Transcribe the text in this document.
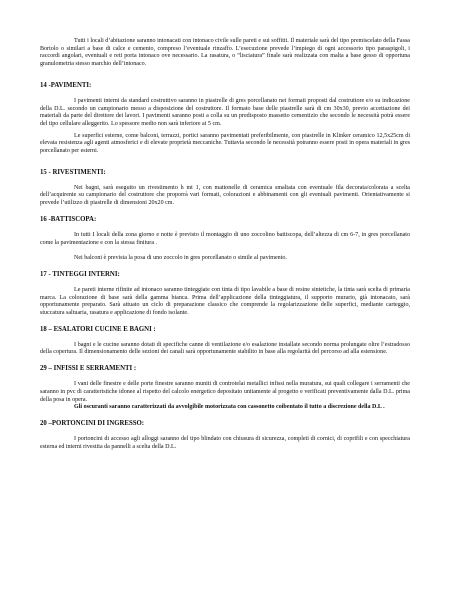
Tutti i locali d’abitazione saranno intonacati con intonaco civile sulle pareti e sui soffitti. Il materiale sarà del tipo premiscelato della Fassa Bortolo o similari a base di calce e cemento, compreso l’eventuale rinzaffo. L’esecuzione prevede l’impiego di ogni accessorio tipo paraspigoli, i raccordi angolari, eventuali e reti porta intonaco ove necessario. La rasatura, o “lisciatura” finale sarà realizzata con malta a base gesso di opportuna granulometria stesso marchio dell’intonaco.

14 -PAVIMENTI:

I pavimenti interni da standard costruttivo saranno in piastrelle di gres porcellanato nei formati proposti dal costruttore e/o su indicazione della D.L. secondo un campionario messo a disposizione del costruttore. Il formato base delle piastrelle sarà di cm 30x30, previo accettazione dei materiali da parte del direttore dei lavori. I pavimenti saranno posti a colla su un predisposto massetto cementizio che secondo le necessità potrà essere del tipo cellulare alleggerito. Lo spessore medio non sarà inferiore ai 5 cm.

Le superfici esterne, come balconi, terrazzi, portici saranno pavimentati preferibilmente, con piastrelle in Klinker ceramico 12,5x25cm di elevata resistenza agli agenti atmosferici e di elevate proprietà meccaniche. Tuttavia secondo le necessità potranno essere posti in opera materiali in gres porcellanato per esterni.

15 - RIVESTIMENTI:

Nei bagni, sarà eseguito un rivestimento h mt 1, con mattonelle di ceramica smaltata con eventuale fila decorata/colorata a scelta dell’acquirente su campionario del costruttore che proporrà vari formati, colorazioni e abbinamenti con gli eventuali pavimenti. Orientativamente si prevede l’utilizzo di piastrelle di dimensioni 20x20 cm.

16 -BATTISCOPA:

In tutti I locali della zona giorno e notte è previsto il montaggio di uno zoccolino battiscopa, dell’altezza di cm 6-7, in gres porcellanato come la pavimentazione e con la stessa finitura .

Nei balconi è prevista la posa di uno zoccolo in gres porcellanato o simile al pavimento.

17 - TINTEGGI INTERNI:

Le pareti interne rifinite ad intonaco saranno tinteggiate con tinta di tipo lavabile a base di resine sintetiche, la tinta sarà scelta di primaria marca. La colorazione di base sarà della gamma bianca. Prima dell’applicazione della tinteggiatura, il supporto murario, già intonacato, sarà opportunamente preparato. Sarà attuato un ciclo di preparazione classico che comprende la regolarizzazione delle superfici, mediante carteggio, stuccatura saltuaria, rasatura e applicazione di fondo isolante.

18 – ESALATORI CUCINE E BAGNI :

I bagni e le cucine saranno dotati di specifiche canne di ventilazione e/o esalazione installate secondo norma prolungate oltre l’estradosso della copertura. Il dimensionamento delle sezioni dei canali sarà opportunamente stabilito in base alla regolarità del percorso ad alla estensione.

29 – INFISSI E SERRAMENTI :

I vani delle finestre e delle porte finestre saranno muniti di controtelai metallici infissi nella muratura, sui quali collegare i serramenti che saranno in pvc di caratteristiche idonee al rispetto del calcolo energetico depositato unitamente al progetto e verificati preventivamente dalla D.L. prima della posa in opera.

Gli oscuranti saranno caratterizzati da avvolgibile motorizzata con cassonetto coibentato il tutto a discrezione della D.L .

20 –PORTONCINI DI INGRESSO:

I portoncini di accesso agli alloggi saranno del tipo blindato con chiusura di sicurezza, completi di cornici, di coprifili e con specchiatura esterna ed interni rivestita da pannelli a scelta della D.L.
